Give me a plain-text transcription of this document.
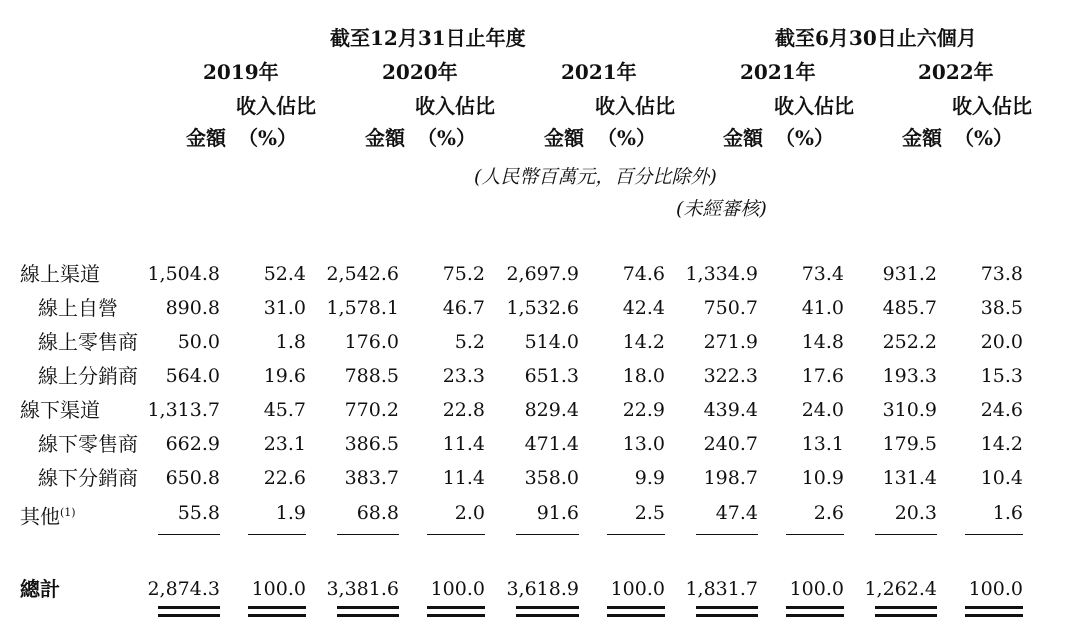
截至12月31日止年度	截至6月30日止六個月
2019年	2020年	2021年	2021年	2022年
收入佔比	收入佔比	收入佔比	收入佔比	收入佔比
金額 （%）	金額 （%）	金額 （%）	金額 （%）	金額 （%）
(人民幣百萬元，百分比除外)
(未經審核)
線上渠道 1,504.8 52.4 2,542.6 75.2 2,697.9 74.6 1,334.9 73.4 931.2 73.8
線上自營	890.8 31.0 1,578.1 46.7 1,532.6 42.4 750.7 41.0 485.7 38.5
線上零售商 50.0	1.8 176.0	5.2 514.0 14.2 271.9 14.8 252.2 20.0
線上分銷商 564.0 19.6 788.5 23.3 651.3 18.0 322.3 17.6 193.3 15.3
線下渠道 1,313.7 45.7 770.2 22.8 829.4 22.9 439.4 24.0 310.9 24.6
線下零售商 662.9 23.1 386.5 11.4 471.4 13.0 240.7 13.1 179.5 14.2
線下分銷商 650.8 22.6 383.7 11.4 358.0	9.9 198.7 10.9 131.4 10.4
其他$^{(1)}$	55.8	1.9	68.8	2.0	91.6	2.5	47.4	2.6	20.3	1.6
總計	2,874.3 100.0 3,381.6 100.0 3,618.9 100.0 1,831.7 100.0 1,262.4 100.0
